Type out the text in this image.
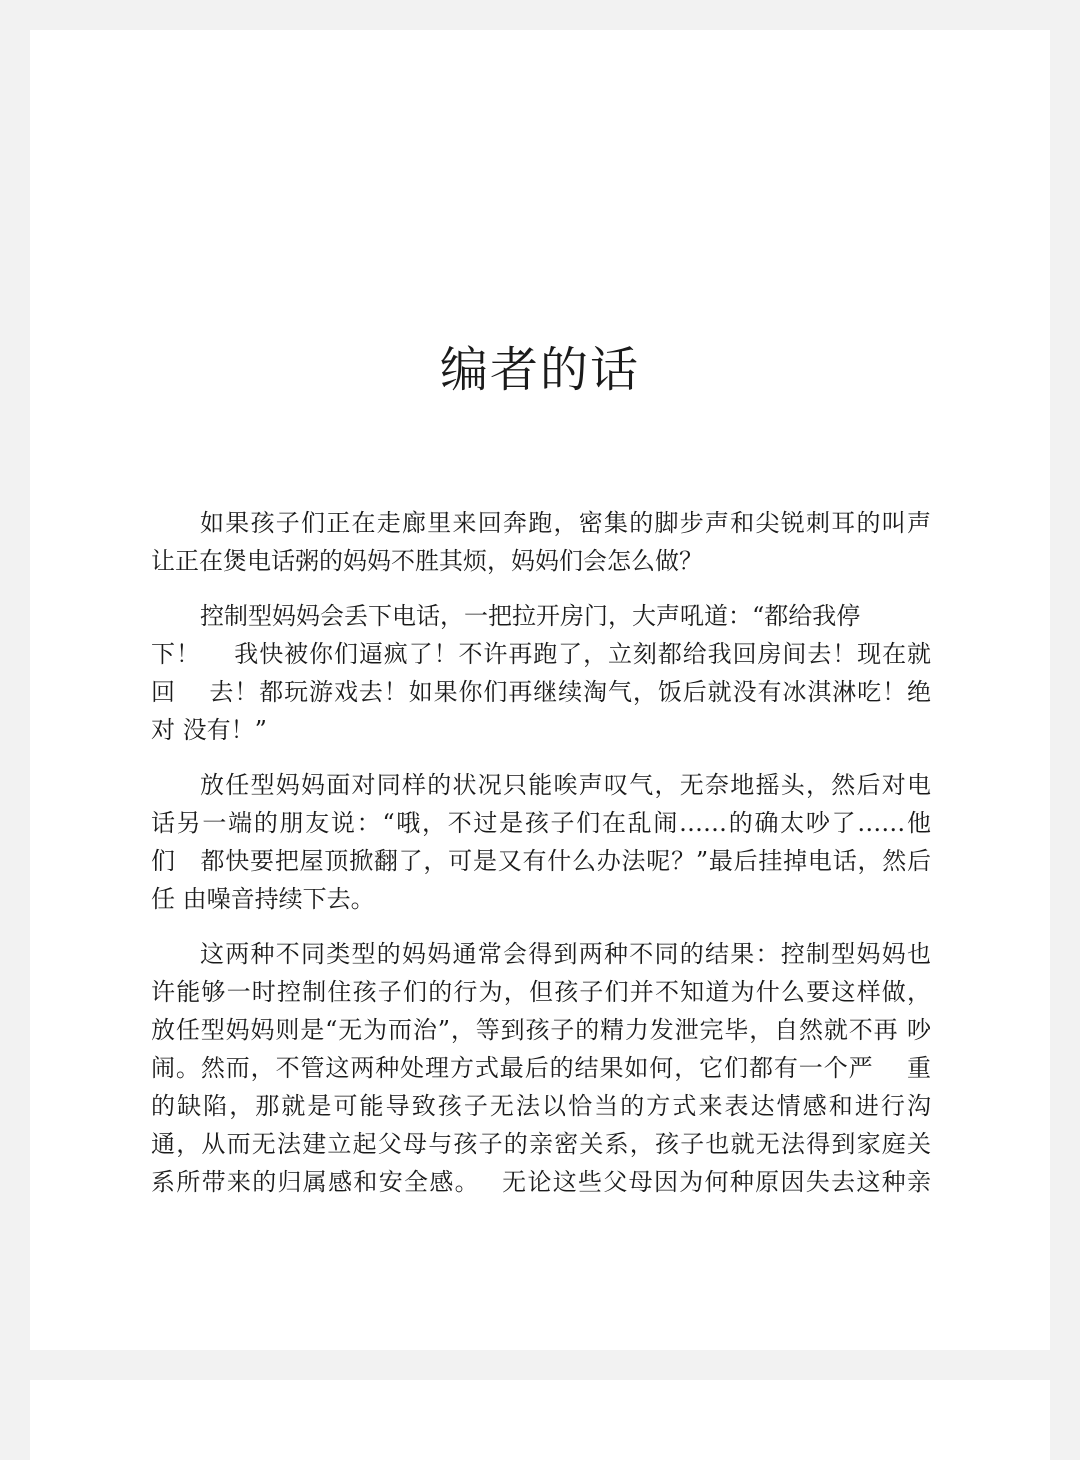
编者的话

如果孩子们正在走廊里来回奔跑，密集的脚步声和尖锐刺耳的叫声
让正在煲电话粥的妈妈不胜其烦，妈妈们会怎么做？

控制型妈妈会丢下电话，一把拉开房门，大声吼道：“都给我停
下！　 我快被你们逼疯了！不许再跑了，立刻都给我回房间去！现在就
回　 去！都玩游戏去！如果你们再继续淘气，饭后就没有冰淇淋吃！绝
对 没有！”

放任型妈妈面对同样的状况只能唉声叹气，无奈地摇头，然后对电
话另一端的朋友说：“哦，不过是孩子们在乱闹……的确太吵了……他
们　都快要把屋顶掀翻了，可是又有什么办法呢？”最后挂掉电话，然后
任 由噪音持续下去。

这两种不同类型的妈妈通常会得到两种不同的结果：控制型妈妈也
许能够一时控制住孩子们的行为，但孩子们并不知道为什么要这样做，
放任型妈妈则是“无为而治”，等到孩子的精力发泄完毕，自然就不再 吵
闹。然而，不管这两种处理方式最后的结果如何，它们都有一个严　 重
的缺陷，那就是可能导致孩子无法以恰当的方式来表达情感和进行沟
通，从而无法建立起父母与孩子的亲密关系，孩子也就无法得到家庭关
系所带来的归属感和安全感。　 无论这些父母因为何种原因失去这种亲
